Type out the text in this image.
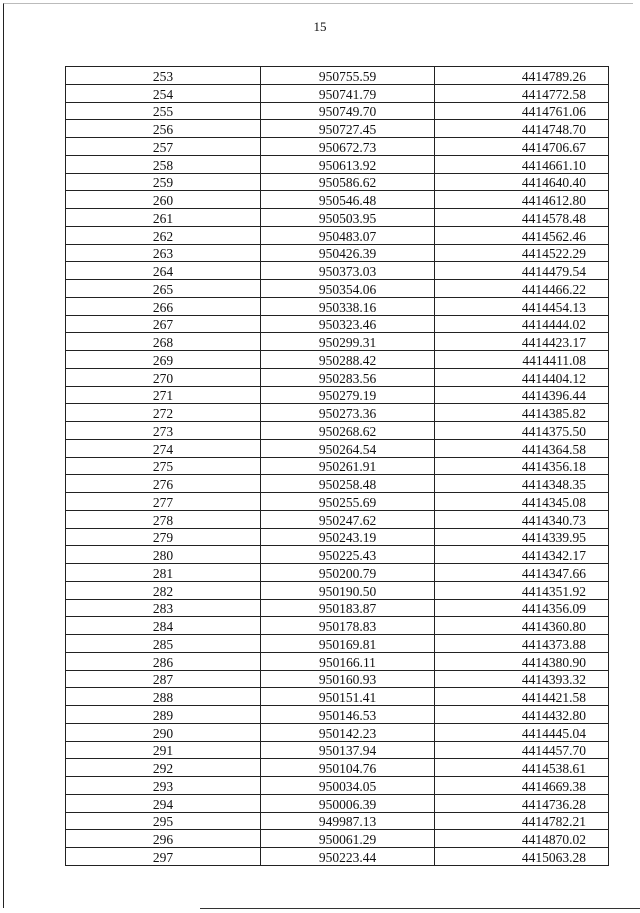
15
253	950755.59	4414789.26
254	950741.79	4414772.58
255	950749.70	4414761.06
256	950727.45	4414748.70
257	950672.73	4414706.67
258	950613.92	4414661.10
259	950586.62	4414640.40
260	950546.48	4414612.80
261	950503.95	4414578.48
262	950483.07	4414562.46
263	950426.39	4414522.29
264	950373.03	4414479.54
265	950354.06	4414466.22
266	950338.16	4414454.13
267	950323.46	4414444.02
268	950299.31	4414423.17
269	950288.42	4414411.08
270	950283.56	4414404.12
271	950279.19	4414396.44
272	950273.36	4414385.82
273	950268.62	4414375.50
274	950264.54	4414364.58
275	950261.91	4414356.18
276	950258.48	4414348.35
277	950255.69	4414345.08
278	950247.62	4414340.73
279	950243.19	4414339.95
280	950225.43	4414342.17
281	950200.79	4414347.66
282	950190.50	4414351.92
283	950183.87	4414356.09
284	950178.83	4414360.80
285	950169.81	4414373.88
286	950166.11	4414380.90
287	950160.93	4414393.32
288	950151.41	4414421.58
289	950146.53	4414432.80
290	950142.23	4414445.04
291	950137.94	4414457.70
292	950104.76	4414538.61
293	950034.05	4414669.38
294	950006.39	4414736.28
295	949987.13	4414782.21
296	950061.29	4414870.02
297	950223.44	4415063.28
